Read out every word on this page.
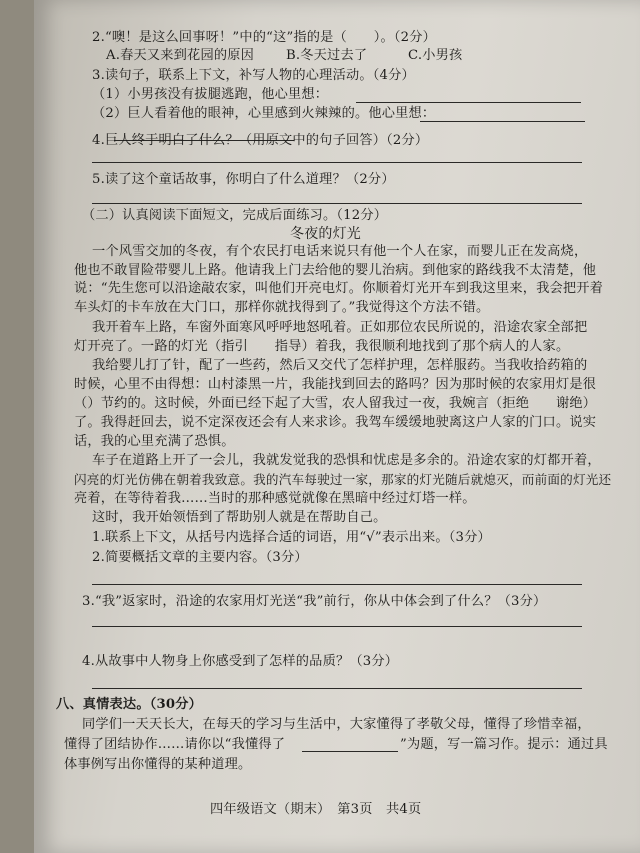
2.“噢！是这么回事呀！”中的“这”指的是（　　）。（2分）
A.春天又来到花园的原因 B.冬天过去了	C.小男孩
3.读句子，联系上下文，补写人物的心理活动。（4分）
（1）小男孩没有拔腿逃跑，他心里想：
（2）巨人看着他的眼神，心里感到火辣辣的。他心里想：
4.巨人终于明白了什么？（用原文中的句子回答）（2分）
5.读了这个童话故事，你明白了什么道理？（2分）
（二）认真阅读下面短文，完成后面练习。（12分）
冬夜的灯光
一个风雪交加的冬夜，有个农民打电话来说只有他一个人在家，而婴儿正在发高烧，
他也不敢冒险带婴儿上路。他请我上门去给他的婴儿治病。到他家的路线我不太清楚，他
说：“先生您可以沿途敲农家，叫他们开亮电灯。你顺着灯光开车到我这里来，我会把开着
车头灯的卡车放在大门口，那样你就找得到了。”我觉得这个方法不错。
我开着车上路，车窗外面寒风呼呼地怒吼着。正如那位农民所说的，沿途农家全部把
灯开亮了。一路的灯光（指引　　指导）着我，我很顺利地找到了那个病人的人家。
我给婴儿打了针，配了一些药，然后又交代了怎样护理，怎样服药。当我收拾药箱的
时候，心里不由得想：山村漆黑一片，我能找到回去的路吗？因为那时候的农家用灯是很
（）节约的。这时候，外面已经下起了大雪，农人留我过一夜，我婉言（拒绝　　谢绝）
了。我得赶回去，说不定深夜还会有人来求诊。我驾车缓缓地驶离这户人家的门口。说实
话，我的心里充满了恐惧。
车子在道路上开了一会儿，我就发觉我的恐惧和忧虑是多余的。沿途农家的灯都开着，
闪亮的灯光仿佛在朝着我致意。我的汽车每驶过一家，那家的灯光随后就熄灭，而前面的灯光还
亮着，在等待着我……当时的那种感觉就像在黑暗中经过灯塔一样。
这时，我开始领悟到了帮助别人就是在帮助自己。
1.联系上下文，从括号内选择合适的词语，用“√”表示出来。（3分）
2.简要概括文章的主要内容。（3分）
3.“我”返家时，沿途的农家用灯光送“我”前行，你从中体会到了什么？（3分）
4.从故事中人物身上你感受到了怎样的品质？（3分）
八、真情表达。（30分）
同学们一天天长大，在每天的学习与生活中，大家懂得了孝敬父母，懂得了珍惜幸福，
懂得了团结协作……请你以“我懂得了	”为题，写一篇习作。提示：通过具
体事例写出你懂得的某种道理。
四年级语文（期末）　第3页　共4页
